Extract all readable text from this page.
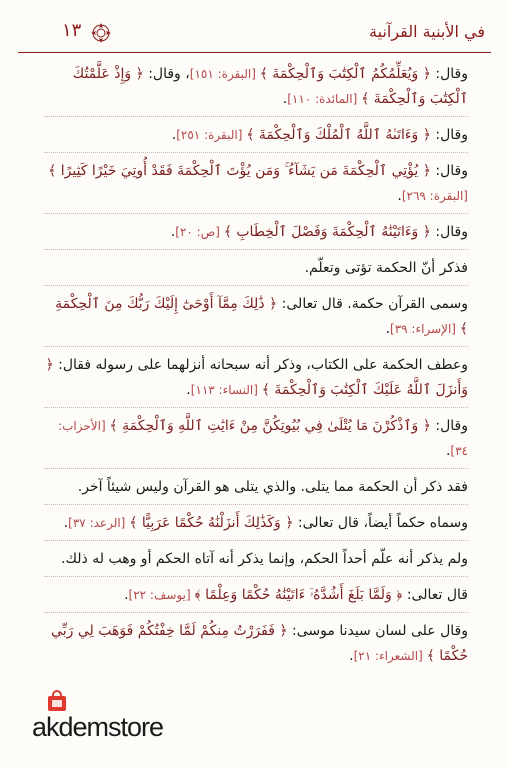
في الأبنية القرآنية
١٣

وقال: ﴿ وَيُعَلِّمُكُمُ ٱلْكِتَٰبَ وَٱلْحِكْمَةَ ﴾ [البقرة: ١٥١]، وقال: ﴿ وَإِذْ عَلَّمْتُكَ ٱلْكِتَٰبَ وَٱلْحِكْمَةَ ﴾ [المائدة: ١١٠].

وقال: ﴿ وَءَاتَىٰهُ ٱللَّهُ ٱلْمُلْكَ وَٱلْحِكْمَةَ ﴾ [البقرة: ٢٥١].

وقال: ﴿ يُؤْتِي ٱلْحِكْمَةَ مَن يَشَآءُ ۚ وَمَن يُؤْتَ ٱلْحِكْمَةَ فَقَدْ أُوتِيَ خَيْرًا كَثِيرًا ﴾ [البقرة: ٢٦٩].

وقال: ﴿ وَءَاتَيْنَٰهُ ٱلْحِكْمَةَ وَفَصْلَ ٱلْخِطَابِ ﴾ [ص: ٢٠].

فذكر أنّ الحكمة تؤتى وتعلّم.

وسمى القرآن حكمة. قال تعالى: ﴿ ذَٰلِكَ مِمَّآ أَوْحَىٰٓ إِلَيْكَ رَبُّكَ مِنَ ٱلْحِكْمَةِ ﴾ [الإسراء: ٣٩].

وعطف الحكمة على الكتاب، وذكر أنه سبحانه أنزلهما على رسوله فقال: ﴿ وَأَنزَلَ ٱللَّهُ عَلَيْكَ ٱلْكِتَٰبَ وَٱلْحِكْمَةَ ﴾ [النساء: ١١٣].

وقال: ﴿ وَٱذْكُرْنَ مَا يُتْلَىٰ فِي بُيُوتِكُنَّ مِنْ ءَايَٰتِ ٱللَّهِ وَٱلْحِكْمَةِ ﴾ [الأحزاب: ٣٤].

فقد ذكر أن الحكمة مما يتلى. والذي يتلى هو القرآن وليس شيئاً آخر.

وسماه حكماً أيضاً، قال تعالى: ﴿ وَكَذَٰلِكَ أَنزَلْنَٰهُ حُكْمًا عَرَبِيًّا ﴾ [الرعد: ٣٧].

ولم يذكر أنه علّم أحداً الحكم، وإنما يذكر أنه آتاه الحكم أو وهب له ذلك.

قال تعالى: ﴿ وَلَمَّا بَلَغَ أَشُدَّهُۥٓ ءَاتَيْنَٰهُ حُكْمًا وَعِلْمًا ﴾ [يوسف: ٢٢].

وقال على لسان سيدنا موسى: ﴿ فَفَرَرْتُ مِنكُمْ لَمَّا خِفْتُكُمْ فَوَهَبَ لِي رَبِّي حُكْمًا ﴾ [الشعراء: ٢١].

akdemstore
